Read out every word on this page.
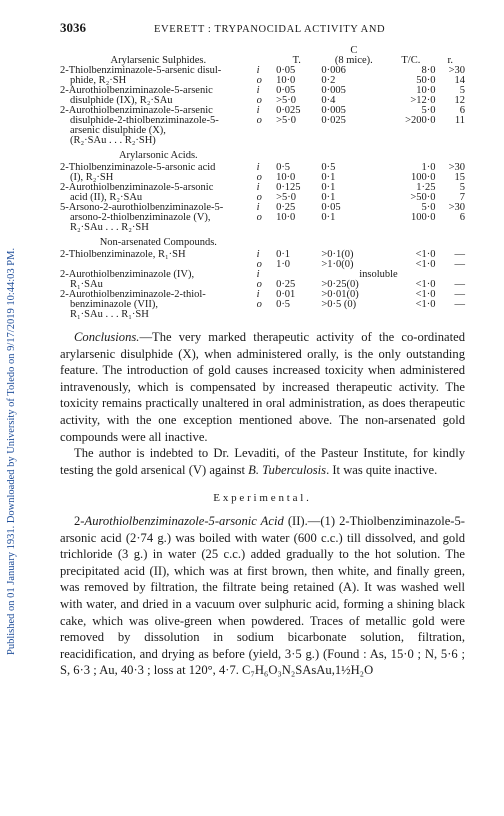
Published on 01 January 1931. Downloaded by University of Toledo on 9/17/2019 10:44:03 PM.
3036	EVERETT : TRYPANOCIDAL ACTIVITY AND
			C		
Arylarsenic Sulphides.		T.	(8 mice).	T/C.	r.
2-Thiolbenziminazole-5-arsenic disul-	i	0·05	0·006	8·0	>30
phide, R₂·SH	o	10·0	0·2	50·0	14
2-Aurothiolbenziminazole-5-arsenic	i	0·05	0·005	10·0	5
disulphide (IX), R₂·SAu	o	>5·0	0·4	>12·0	12
2-Aurothiolbenziminazole-5-arsenic	i	0·025	0·005	5·0	6
disulphide-2-thiolbenziminazole-5-	o	>5·0	0·025	>200·0	11
arsenic disulphide (X),					
(R₂·SAu . . . R₂·SH)					
Arylarsonic Acids.					
2-Thiolbenziminazole-5-arsonic acid	i	0·5	0·5	1·0	>30
(I), R₂·SH	o	10·0	0·1	100·0	15
2-Aurothiolbenziminazole-5-arsonic	i	0·125	0·1	1·25	5
acid (II), R₂·SAu	o	>5·0	0·1	>50·0	7
5-Arsono-2-aurothiolbenziminazole-5-	i	0·25	0·05	5·0	>30
arsono-2-thiolbenziminazole (V),	o	10·0	0·1	100·0	6
R₂·SAu . . . R₂·SH					
Non-arsenated Compounds.					
2-Thiolbenziminazole, R₁·SH	i	0·1	>0·1(0)	<1·0	—
	o	1·0	>1·0(0)	<1·0	—
2-Aurothiolbenziminazole (IV),	i		insoluble		
R₁·SAu	o	0·25	>0·25(0)	<1·0	—
2-Aurothiolbenziminazole-2-thiol-	i	0·01	>0·01(0)	<1·0	—
benziminazole (VII),	o	0·5	>0·5 (0)	<1·0	—
R₁·SAu . . . R₁·SH					

Conclusions.—The very marked therapeutic activity of the co-ordinated arylarsenic disulphide (X), when administered orally, is the only outstanding feature. The introduction of gold causes increased toxicity when administered intravenously, which is compensated by increased therapeutic activity. The toxicity remains practically unaltered in oral administration, as does therapeutic activity, with the one exception mentioned above. The non-arsenated gold compounds were all inactive.

The author is indebted to Dr. Levaditi, of the Pasteur Institute, for kindly testing the gold arsenical (V) against B. Tuberculosis. It was quite inactive.

Experimental.

2-Aurothiolbenziminazole-5-arsonic Acid (II).—(1) 2-Thiolbenziminazole-5-arsonic acid (2·74 g.) was boiled with water (600 c.c.) till dissolved, and gold trichloride (3 g.) in water (25 c.c.) added gradually to the hot solution. The precipitated acid (II), which was at first brown, then white, and finally green, was removed by filtration, the filtrate being retained (A). It was washed well with water, and dried in a vacuum over sulphuric acid, forming a shining black cake, which was olive-green when powdered. Traces of metallic gold were removed by dissolution in sodium bicarbonate solution, filtration, reacidification, and drying as before (yield, 3·5 g.) (Found : As, 15·0 ; N, 5·6 ; S, 6·3 ; Au, 40·3 ; loss at 120°, 4·7. C₇H₆O₃N₂SAsAu,1½H₂O
